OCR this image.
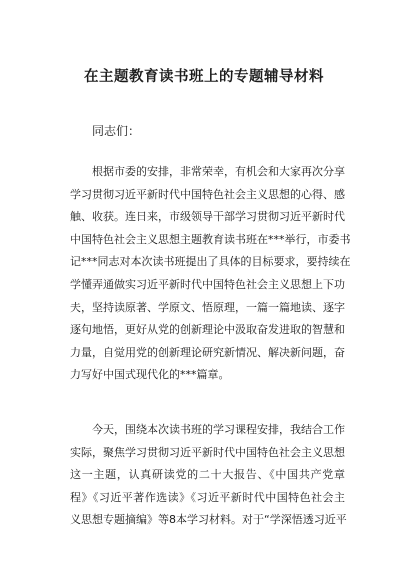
在主题教育读书班上的专题辅导材料
同志们：
　　根据市委的安排，非常荣幸，有机会和大家再次分享
学习贯彻习近平新时代中国特色社会主义思想的心得、感
触、收获。连日来，市级领导干部学习贯彻习近平新时代
中国特色社会主义思想主题教育读书班在***举行，市委书
记***同志对本次读书班提出了具体的目标要求，要持续在
学懂弄通做实习近平新时代中国特色社会主义思想上下功
夫，坚持读原著、学原文、悟原理，一篇一篇地读、逐字
逐句地悟，更好从党的创新理论中汲取奋发进取的智慧和
力量，自觉用党的创新理论研究新情况、解决新问题，奋
力写好中国式现代化的***篇章。
　　今天，围绕本次读书班的学习课程安排，我结合工作
实际，聚焦学习贯彻习近平新时代中国特色社会主义思想
这一主题，认真研读党的二十大报告、《中国共产党章
程》《习近平著作选读》《习近平新时代中国特色社会主
义思想专题摘编》等8本学习材料。对于“学深悟透习近平
